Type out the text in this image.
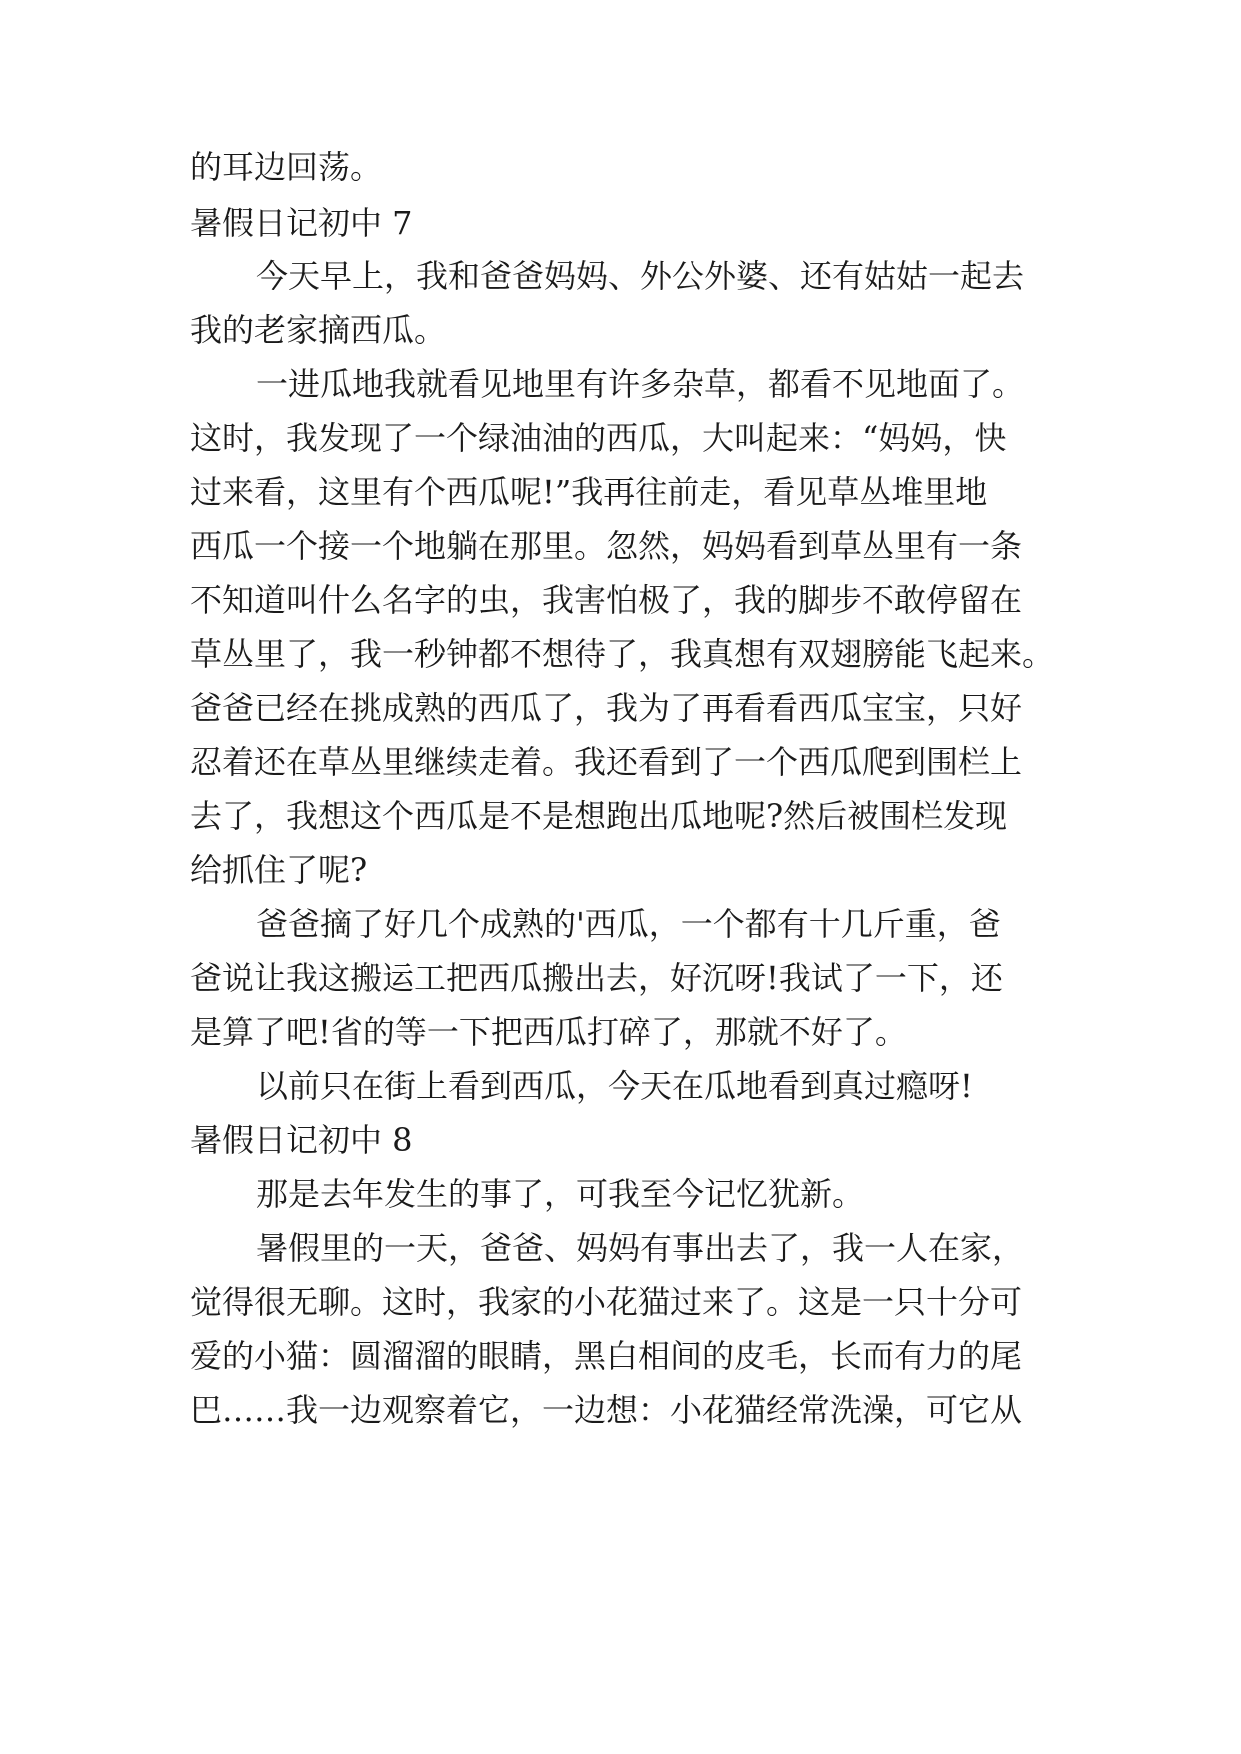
的耳边回荡。
暑假日记初中 7
今天早上，我和爸爸妈妈、外公外婆、还有姑姑一起去
我的老家摘西瓜。
一进瓜地我就看见地里有许多杂草，都看不见地面了。
这时，我发现了一个绿油油的西瓜，大叫起来：“妈妈，快
过来看，这里有个西瓜呢!”我再往前走，看见草丛堆里地
西瓜一个接一个地躺在那里。忽然，妈妈看到草丛里有一条
不知道叫什么名字的虫，我害怕极了，我的脚步不敢停留在
草丛里了，我一秒钟都不想待了，我真想有双翅膀能飞起来。
爸爸已经在挑成熟的西瓜了，我为了再看看西瓜宝宝，只好
忍着还在草丛里继续走着。我还看到了一个西瓜爬到围栏上
去了，我想这个西瓜是不是想跑出瓜地呢?然后被围栏发现
给抓住了呢?
爸爸摘了好几个成熟的'西瓜，一个都有十几斤重，爸
爸说让我这搬运工把西瓜搬出去，好沉呀!我试了一下，还
是算了吧!省的等一下把西瓜打碎了，那就不好了。
以前只在街上看到西瓜，今天在瓜地看到真过瘾呀!
暑假日记初中 8
那是去年发生的事了，可我至今记忆犹新。
暑假里的一天，爸爸、妈妈有事出去了，我一人在家，
觉得很无聊。这时，我家的小花猫过来了。这是一只十分可
爱的小猫：圆溜溜的眼睛，黑白相间的皮毛，长而有力的尾
巴……我一边观察着它，一边想：小花猫经常洗澡，可它从
